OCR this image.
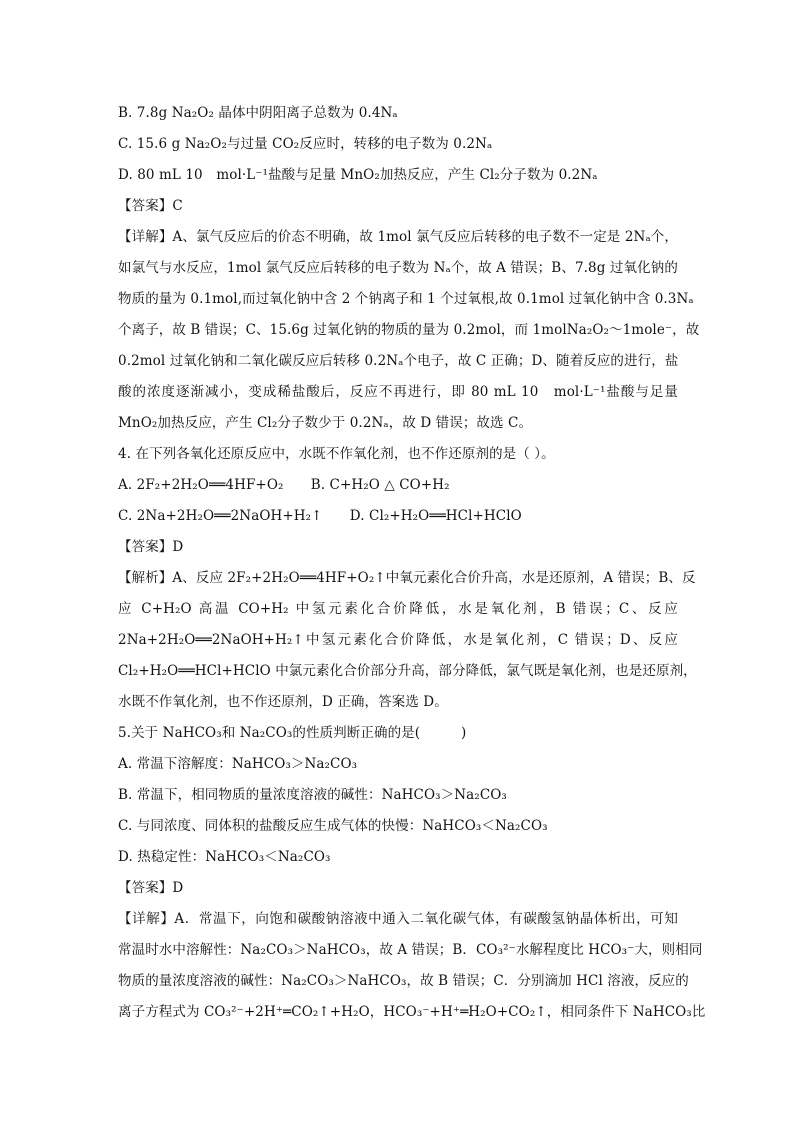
B. 7.8g Na₂O₂ 晶体中阴阳离子总数为 0.4Nₐ
C. 15.6 g Na₂O₂与过量 CO₂反应时，转移的电子数为 0.2Nₐ
D. 80 mL 10　mol·L⁻¹盐酸与足量 MnO₂加热反应，产生 Cl₂分子数为 0.2Nₐ
【答案】C
【详解】A、氯气反应后的价态不明确，故 1mol 氯气反应后转移的电子数不一定是 2Nₐ个，
如氯气与水反应，1mol 氯气反应后转移的电子数为 Nₐ个，故 A 错误；B、7.8g 过氧化钠的
物质的量为 0.1mol,而过氧化钠中含 2 个钠离子和 1 个过氧根,故 0.1mol 过氧化钠中含 0.3Nₐ
个离子，故 B 错误；C、15.6g 过氧化钠的物质的量为 0.2mol，而 1molNa₂O₂～1mole⁻，故
0.2mol 过氧化钠和二氧化碳反应后转移 0.2Nₐ个电子，故 C 正确；D、随着反应的进行，盐
酸的浓度逐渐减小，变成稀盐酸后，反应不再进行，即 80 mL 10　mol·L⁻¹盐酸与足量
MnO₂加热反应，产生 Cl₂分子数少于 0.2Nₐ，故 D 错误；故选 C。
4. 在下列各氧化还原反应中，水既不作氧化剂，也不作还原剂的是（ ）。
A. 2F₂+2H₂O══4HF+O₂　　B. C+H₂O △ CO+H₂
C. 2Na+2H₂O══2NaOH+H₂↑　　D. Cl₂+H₂O══HCl+HClO
【答案】D
【解析】A、反应 2F₂+2H₂O══4HF+O₂↑中氧元素化合价升高，水是还原剂，A 错误；B、反
应 C+H₂O 高温 CO+H₂ 中氢元素化合价降低，水是氧化剂，B 错误；C、反应
2Na+2H₂O══2NaOH+H₂↑中氢元素化合价降低，水是氧化剂，C 错误；D、反应
Cl₂+H₂O══HCl+HClO 中氯元素化合价部分升高，部分降低，氯气既是氧化剂，也是还原剂，
水既不作氧化剂，也不作还原剂，D 正确，答案选 D。
5.关于 NaHCO₃和 Na₂CO₃的性质判断正确的是(　　　)
A. 常温下溶解度：NaHCO₃＞Na₂CO₃
B. 常温下，相同物质的量浓度溶液的碱性：NaHCO₃＞Na₂CO₃
C. 与同浓度、同体积的盐酸反应生成气体的快慢：NaHCO₃＜Na₂CO₃
D. 热稳定性：NaHCO₃＜Na₂CO₃
【答案】D
【详解】A．常温下，向饱和碳酸钠溶液中通入二氧化碳气体，有碳酸氢钠晶体析出，可知
常温时水中溶解性：Na₂CO₃＞NaHCO₃，故 A 错误；B．CO₃²⁻水解程度比 HCO₃⁻大，则相同
物质的量浓度溶液的碱性：Na₂CO₃＞NaHCO₃，故 B 错误；C．分别滴加 HCl 溶液，反应的
离子方程式为 CO₃²⁻+2H⁺═CO₂↑+H₂O，HCO₃⁻+H⁺═H₂O+CO₂↑，相同条件下 NaHCO₃比
